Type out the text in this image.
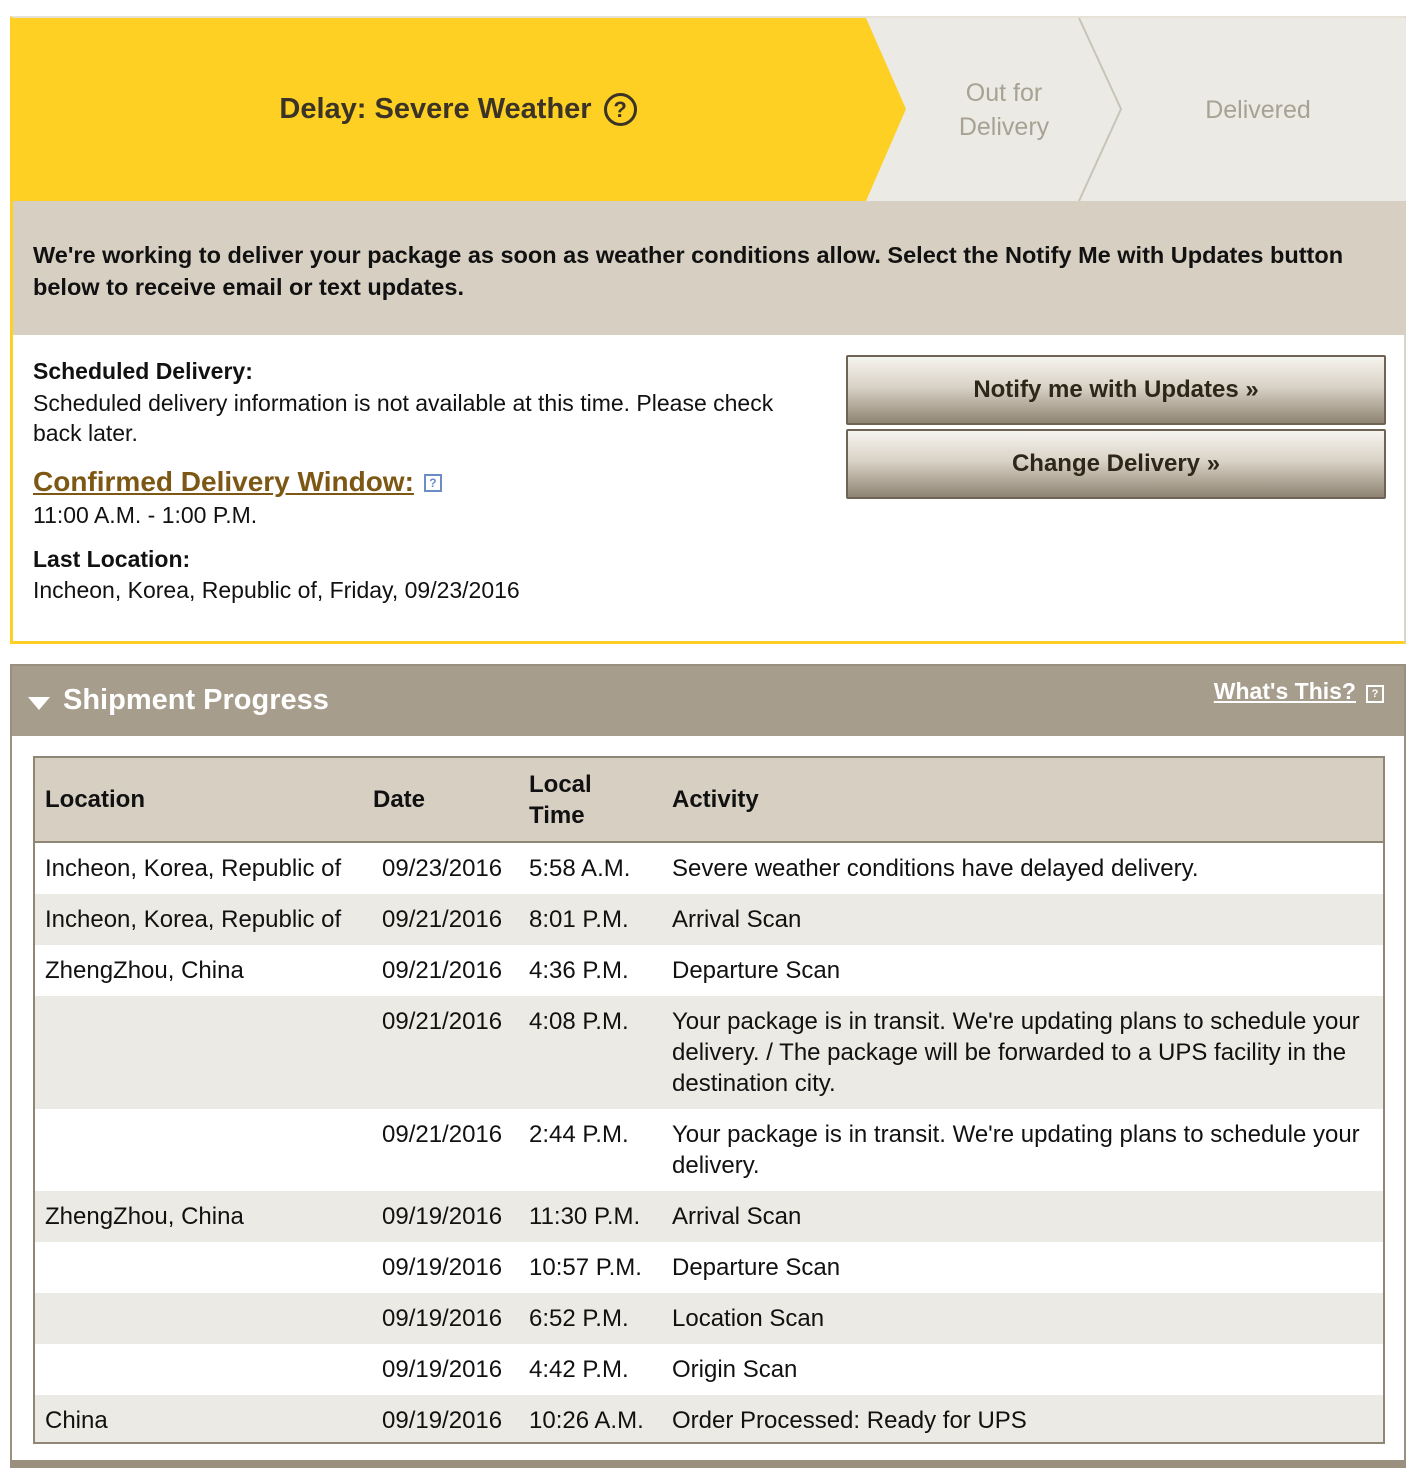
Delay: Severe Weather ?
Out for Delivery
Delivered
We're working to deliver your package as soon as weather conditions allow. Select the Notify Me with Updates button below to receive email or text updates.
Scheduled Delivery:
Scheduled delivery information is not available at this time. Please check back later.
Confirmed Delivery Window: ?
11:00 A.M. - 1:00 P.M.
Last Location:
Incheon, Korea, Republic of, Friday, 09/23/2016
Notify me with Updates »
Change Delivery »
Shipment Progress	What's This?	?
Location	Date	Local Time	Activity
Incheon, Korea, Republic of	09/23/2016	5:58 A.M.	Severe weather conditions have delayed delivery.
Incheon, Korea, Republic of	09/21/2016	8:01 P.M.	Arrival Scan
ZhengZhou, China	09/21/2016	4:36 P.M.	Departure Scan
	09/21/2016	4:08 P.M.	Your package is in transit. We're updating plans to schedule your delivery. / The package will be forwarded to a UPS facility in the destination city.
	09/21/2016	2:44 P.M.	Your package is in transit. We're updating plans to schedule your delivery.
ZhengZhou, China	09/19/2016	11:30 P.M.	Arrival Scan
	09/19/2016	10:57 P.M.	Departure Scan
	09/19/2016	6:52 P.M.	Location Scan
	09/19/2016	4:42 P.M.	Origin Scan
China	09/19/2016	10:26 A.M.	Order Processed: Ready for UPS
